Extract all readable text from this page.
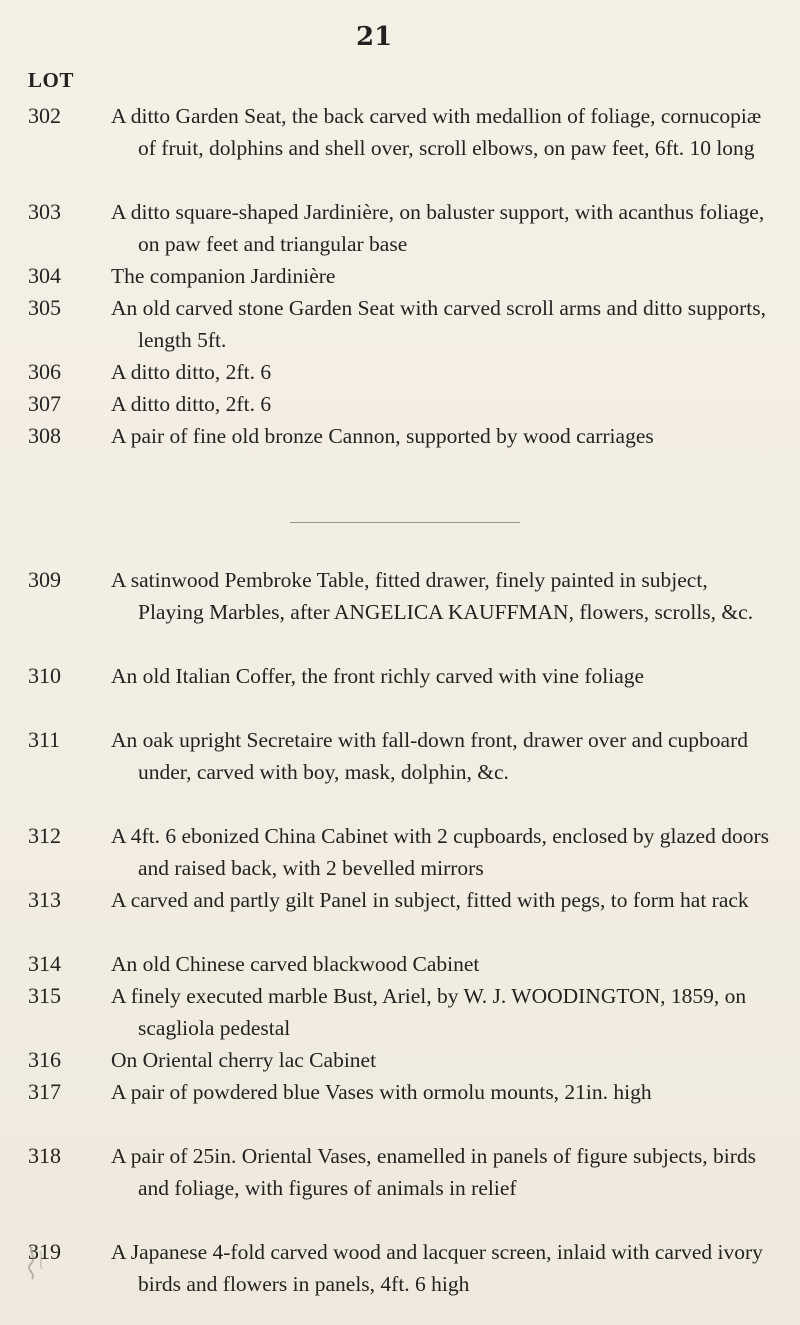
21
LOT
302 A ditto Garden Seat, the back carved with medallion of foliage, cornucopiæ of fruit, dolphins and shell over, scroll elbows, on paw feet, 6ft. 10 long
303 A ditto square-shaped Jardinière, on baluster support, with acanthus foliage, on paw feet and triangular base
304 The companion Jardinière
305 An old carved stone Garden Seat with carved scroll arms and ditto supports, length 5ft.
306 A ditto ditto, 2ft. 6
307 A ditto ditto, 2ft. 6
308 A pair of fine old bronze Cannon, supported by wood carriages
309 A satinwood Pembroke Table, fitted drawer, finely painted in subject, Playing Marbles, after ANGELICA KAUFFMAN, flowers, scrolls, &c.
310 An old Italian Coffer, the front richly carved with vine foliage
311 An oak upright Secretaire with fall-down front, drawer over and cupboard under, carved with boy, mask, dolphin, &c.
312 A 4ft. 6 ebonized China Cabinet with 2 cupboards, enclosed by glazed doors and raised back, with 2 bevelled mirrors
313 A carved and partly gilt Panel in subject, fitted with pegs, to form hat rack
314 An old Chinese carved blackwood Cabinet
315 A finely executed marble Bust, Ariel, by W. J. WOODINGTON, 1859, on scagliola pedestal
316 On Oriental cherry lac Cabinet
317 A pair of powdered blue Vases with ormolu mounts, 21in. high
318 A pair of 25in. Oriental Vases, enamelled in panels of figure subjects, birds and foliage, with figures of animals in relief
319 A Japanese 4-fold carved wood and lacquer screen, inlaid with carved ivory birds and flowers in panels, 4ft. 6 high
